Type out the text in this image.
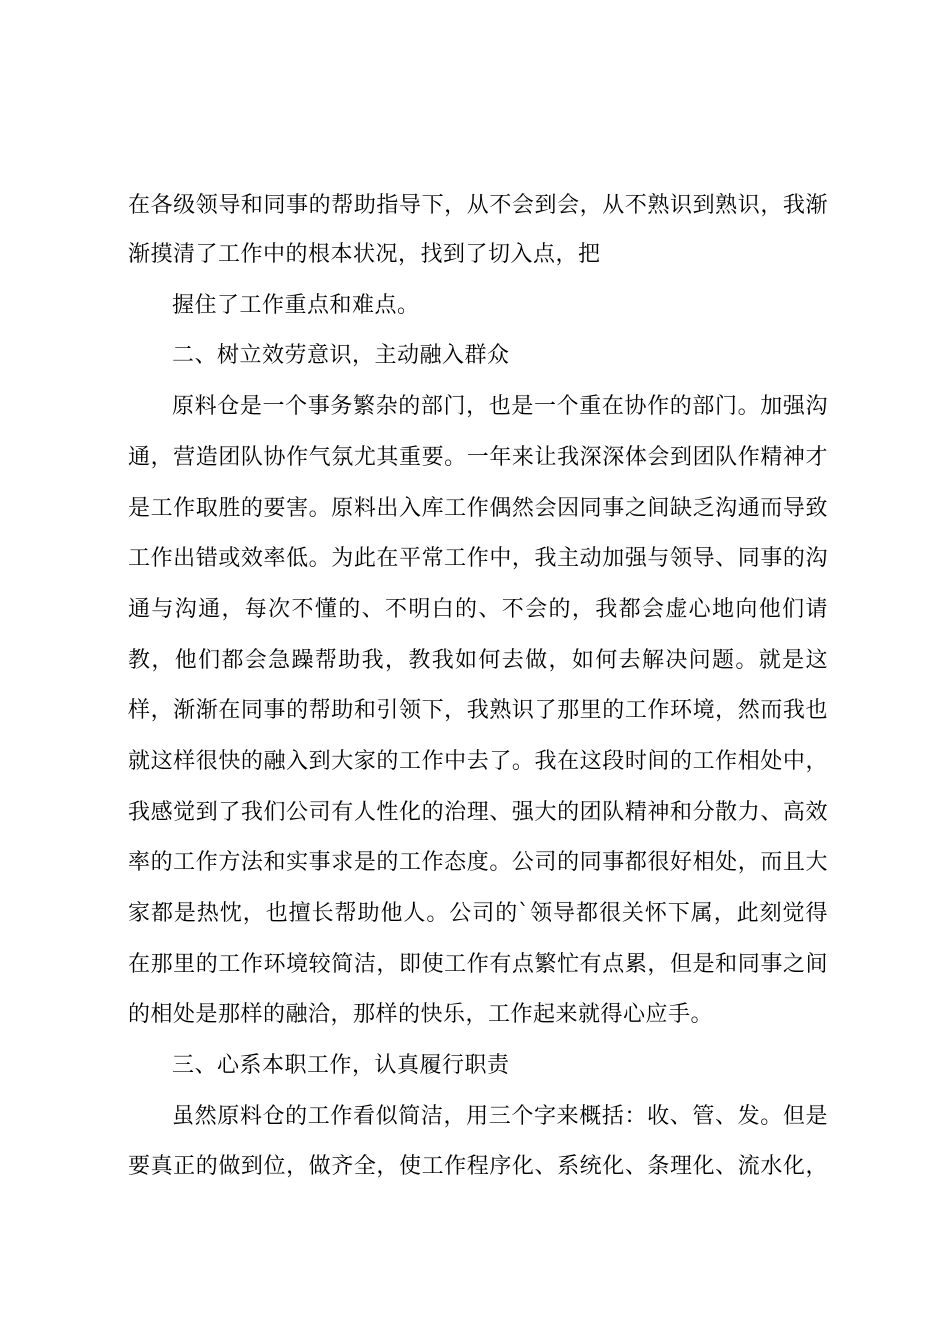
在各级领导和同事的帮助指导下，从不会到会，从不熟识到熟识，我渐
渐摸清了工作中的根本状况，找到了切入点，把
握住了工作重点和难点。
二、树立效劳意识，主动融入群众
原料仓是一个事务繁杂的部门，也是一个重在协作的部门。加强沟
通，营造团队协作气氛尤其重要。一年来让我深深体会到团队作精神才
是工作取胜的要害。原料出入库工作偶然会因同事之间缺乏沟通而导致
工作出错或效率低。为此在平常工作中，我主动加强与领导、同事的沟
通与沟通，每次不懂的、不明白的、不会的，我都会虚心地向他们请
教，他们都会急躁帮助我，教我如何去做，如何去解决问题。就是这
样，渐渐在同事的帮助和引领下，我熟识了那里的工作环境，然而我也
就这样很快的融入到大家的工作中去了。我在这段时间的工作相处中，
我感觉到了我们公司有人性化的治理、强大的团队精神和分散力、高效
率的工作方法和实事求是的工作态度。公司的同事都很好相处，而且大
家都是热忱，也擅长帮助他人。公司的`领导都很关怀下属，此刻觉得
在那里的工作环境较简洁，即使工作有点繁忙有点累，但是和同事之间
的相处是那样的融洽，那样的快乐，工作起来就得心应手。
三、心系本职工作，认真履行职责
虽然原料仓的工作看似简洁，用三个字来概括：收、管、发。但是
要真正的做到位，做齐全，使工作程序化、系统化、条理化、流水化，
